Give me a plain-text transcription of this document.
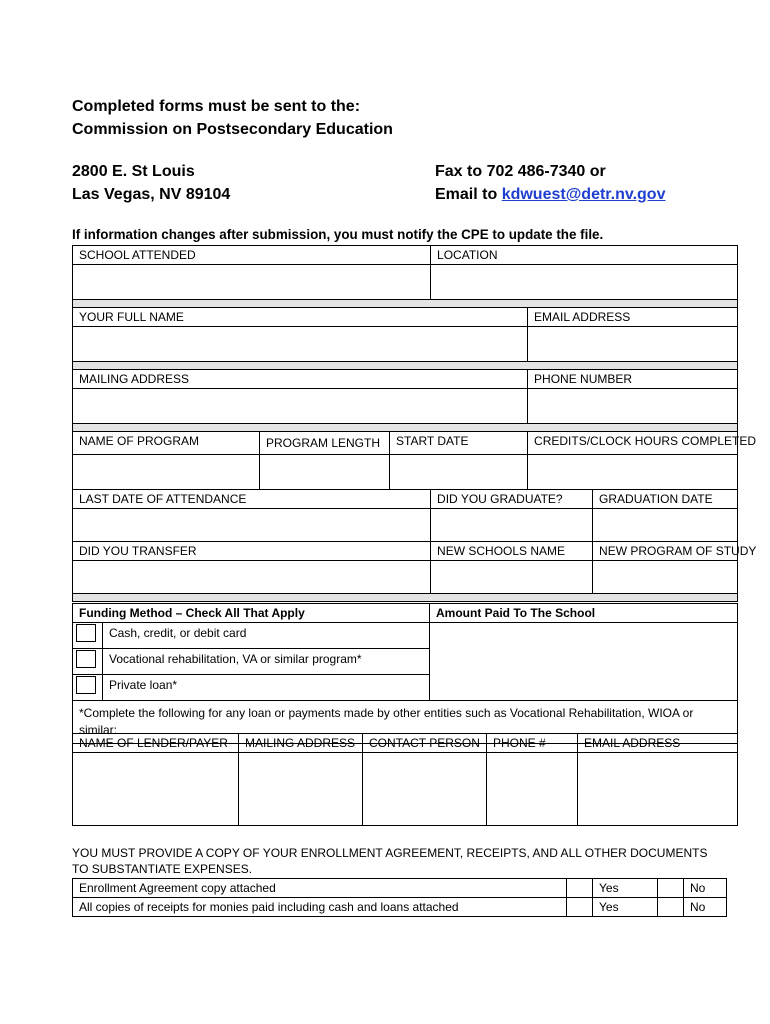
Completed forms must be sent to the:
Commission on Postsecondary Education
2800 E. St Louis
Las Vegas, NV 89104
Fax to 702 486-7340 or
Email to kdwuest@detr.nv.gov
If information changes after submission, you must notify the CPE to update the file.
SCHOOL ATTENDED			LOCATION		

YOUR FULL NAME				EMAIL ADDRESS	

MAILING ADDRESS				PHONE NUMBER	

NAME OF PROGRAM	PROGRAM LENGTH	START DATE		CREDITS/CLOCK HOURS COMPLETED	

LAST DATE OF ATTENDANCE			DID YOU GRADUATE?		GRADUATION DATE

DID YOU TRANSFER			NEW SCHOOLS NAME		NEW PROGRAM OF STUDY

Funding Method – Check All That Apply		Amount Paid To The School
	Cash, credit, or debit card	
	Vocational rehabilitation, VA or similar program*	
	Private loan*	
*Complete the following for any loan or payments made by other entities such as Vocational Rehabilitation, WIOA or similar:		
NAME OF LENDER/PAYER	MAILING ADDRESS	CONTACT PERSON	PHONE #	EMAIL ADDRESS

YOU MUST PROVIDE A COPY OF YOUR ENROLLMENT AGREEMENT, RECEIPTS, AND ALL OTHER DOCUMENTS TO SUBSTANTIATE EXPENSES.
Enrollment Agreement copy attached		Yes		No
All copies of receipts for monies paid including cash and loans attached		Yes		No
